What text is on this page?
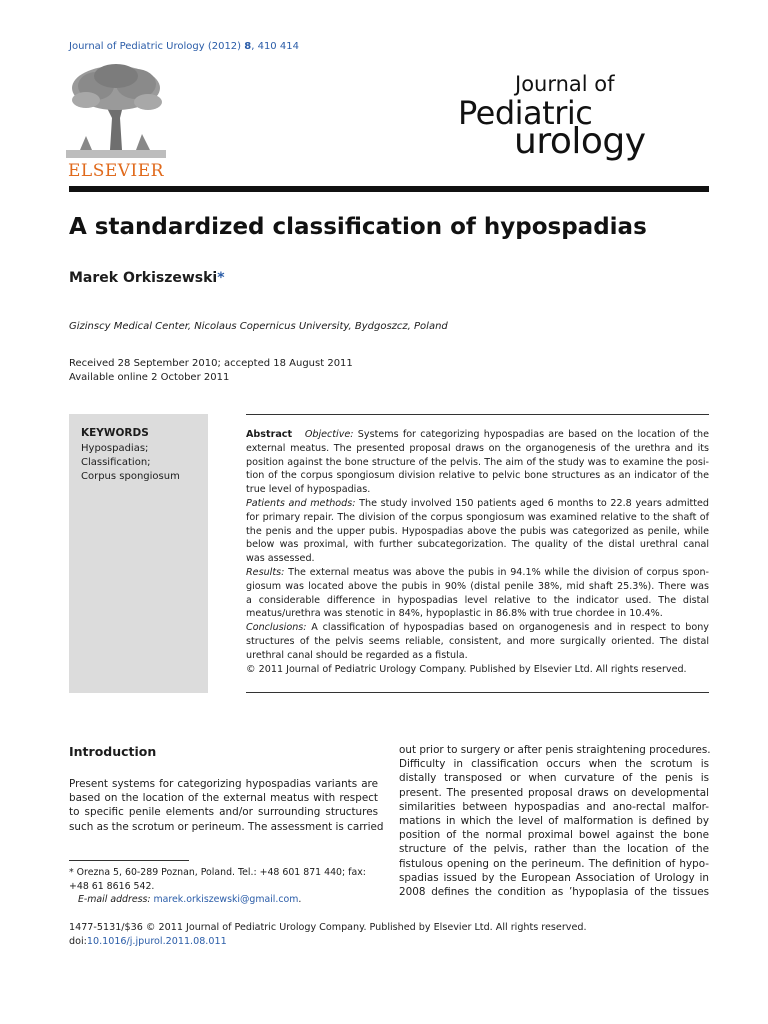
Journal of Pediatric Urology (2012) 8, 410 414
ELSEVIER
Journal of
Pediatric
urology
A standardized classification of hypospadias
Marek Orkiszewski*
Gizinscy Medical Center, Nicolaus Copernicus University, Bydgoszcz, Poland
Received 28 September 2010; accepted 18 August 2011
Available online 2 October 2011
KEYWORDS
Hypospadias;
Classification;
Corpus spongiosum
Abstract Objective: Systems for categorizing hypospadias are based on the location of the
external meatus. The presented proposal draws on the organogenesis of the urethra and its
position against the bone structure of the pelvis. The aim of the study was to examine the posi-
tion of the corpus spongiosum division relative to pelvic bone structures as an indicator of the
true level of hypospadias.
Patients and methods: The study involved 150 patients aged 6 months to 22.8 years admitted
for primary repair. The division of the corpus spongiosum was examined relative to the shaft of
the penis and the upper pubis. Hypospadias above the pubis was categorized as penile, while
below was proximal, with further subcategorization. The quality of the distal urethral canal
was assessed.
Results: The external meatus was above the pubis in 94.1% while the division of corpus spon-
giosum was located above the pubis in 90% (distal penile 38%, mid shaft 25.3%). There was
a considerable difference in hypospadias level relative to the indicator used. The distal
meatus/urethra was stenotic in 84%, hypoplastic in 86.8% with true chordee in 10.4%.
Conclusions: A classification of hypospadias based on organogenesis and in respect to bony
structures of the pelvis seems reliable, consistent, and more surgically oriented. The distal
urethral canal should be regarded as a fistula.
© 2011 Journal of Pediatric Urology Company. Published by Elsevier Ltd. All rights reserved.
Introduction
Present systems for categorizing hypospadias variants are
based on the location of the external meatus with respect
to specific penile elements and/or surrounding structures
such as the scrotum or perineum. The assessment is carried
out prior to surgery or after penis straightening procedures.
Difficulty in classification occurs when the scrotum is
distally transposed or when curvature of the penis is
present. The presented proposal draws on developmental
similarities between hypospadias and ano-rectal malfor-
mations in which the level of malformation is defined by
position of the normal proximal bowel against the bone
structure of the pelvis, rather than the location of the
fistulous opening on the perineum. The definition of hypo-
spadias issued by the European Association of Urology in
2008 defines the condition as ’hypoplasia of the tissues
* Orezna 5, 60-289 Poznan, Poland. Tel.: +48 601 871 440; fax:
+48 61 8616 542.
E-mail address: marek.orkiszewski@gmail.com.
1477-5131/$36 © 2011 Journal of Pediatric Urology Company. Published by Elsevier Ltd. All rights reserved.
doi:10.1016/j.jpurol.2011.08.011
